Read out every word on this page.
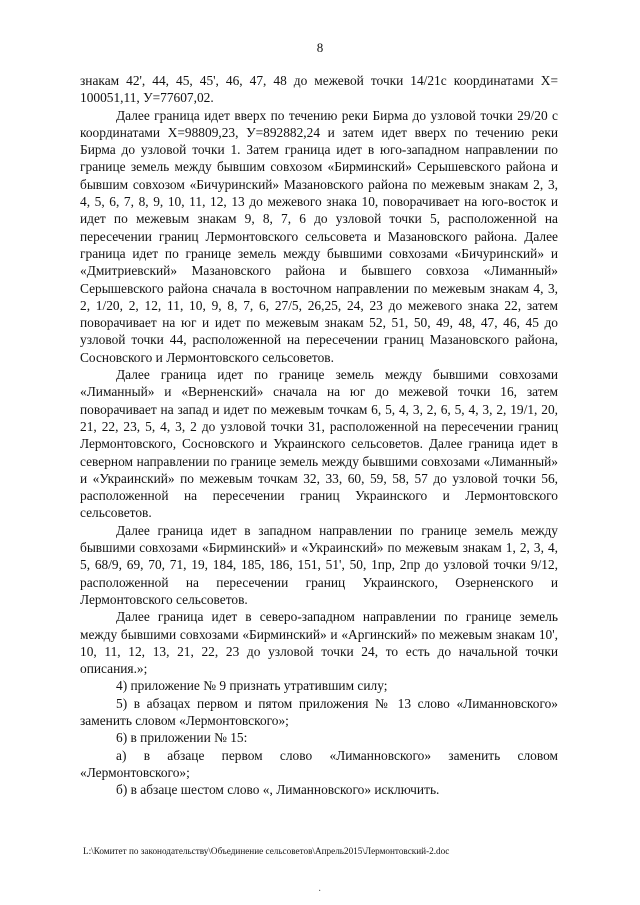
8

знакам 42', 44, 45, 45', 46, 47, 48 до межевой точки 14/21с координатами Х= 100051,11, У=77607,02.

Далее граница идет вверх по течению реки Бирма до узловой точки 29/20 с координатами Х=98809,23, У=892882,24 и затем идет вверх по течению реки Бирма до узловой точки 1. Затем граница идет в юго-западном направлении по границе земель между бывшим совхозом «Бирминский» Серышевского района и бывшим совхозом «Бичуринский» Мазановского района по межевым знакам 2, 3, 4, 5, 6, 7, 8, 9, 10, 11, 12, 13 до межевого знака 10, поворачивает на юго-восток и идет по межевым знакам 9, 8, 7, 6 до узловой точки 5, расположенной на пересечении границ Лермонтовского сельсовета и Мазановского района. Далее граница идет по границе земель между бывшими совхозами «Бичуринский» и «Дмитриевский» Мазановского района и бывшего совхоза «Лиманный» Серышевского района сначала в восточном направлении по межевым знакам 4, 3, 2, 1/20, 2, 12, 11, 10, 9, 8, 7, 6, 27/5, 26,25, 24, 23 до межевого знака 22, затем поворачивает на юг и идет по межевым знакам 52, 51, 50, 49, 48, 47, 46, 45 до узловой точки 44, расположенной на пересечении границ Мазановского района, Сосновского и Лермонтовского сельсоветов.

Далее граница идет по границе земель между бывшими совхозами «Лиманный» и «Верненский» сначала на юг до межевой точки 16, затем поворачивает на запад и идет по межевым точкам 6, 5, 4, 3, 2, 6, 5, 4, 3, 2, 19/1, 20, 21, 22, 23, 5, 4, 3, 2 до узловой точки 31, расположенной на пересечении границ Лермонтовского, Сосновского и Украинского сельсоветов. Далее граница идет в северном направлении по границе земель между бывшими совхозами «Лиманный» и «Украинский» по межевым точкам 32, 33, 60, 59, 58, 57 до узловой точки 56, расположенной на пересечении границ Украинского и Лермонтовского сельсоветов.

Далее граница идет в западном направлении по границе земель между бывшими совхозами «Бирминский» и «Украинский» по межевым знакам 1, 2, 3, 4, 5, 68/9, 69, 70, 71, 19, 184, 185, 186, 151, 51', 50, 1пр, 2пр до узловой точки 9/12, расположенной на пересечении границ Украинского, Озерненского и Лермонтовского сельсоветов.

Далее граница идет в северо-западном направлении по границе земель между бывшими совхозами «Бирминский» и «Аргинский» по межевым знакам 10', 10, 11, 12, 13, 21, 22, 23 до узловой точки 24, то есть до начальной точки описания.»;

4) приложение № 9 признать утратившим силу;

5) в абзацах первом и пятом приложения № 13 слово «Лиманновского» заменить словом «Лермонтовского»;

6) в приложении № 15:

а) в абзаце первом слово «Лиманновского» заменить словом «Лермонтовского»;

б) в абзаце шестом слово «, Лиманновского» исключить.

L:\Комитет по законодательству\Объединение сельсоветов\Апрель2015\Лермонтовский-2.doc
·
